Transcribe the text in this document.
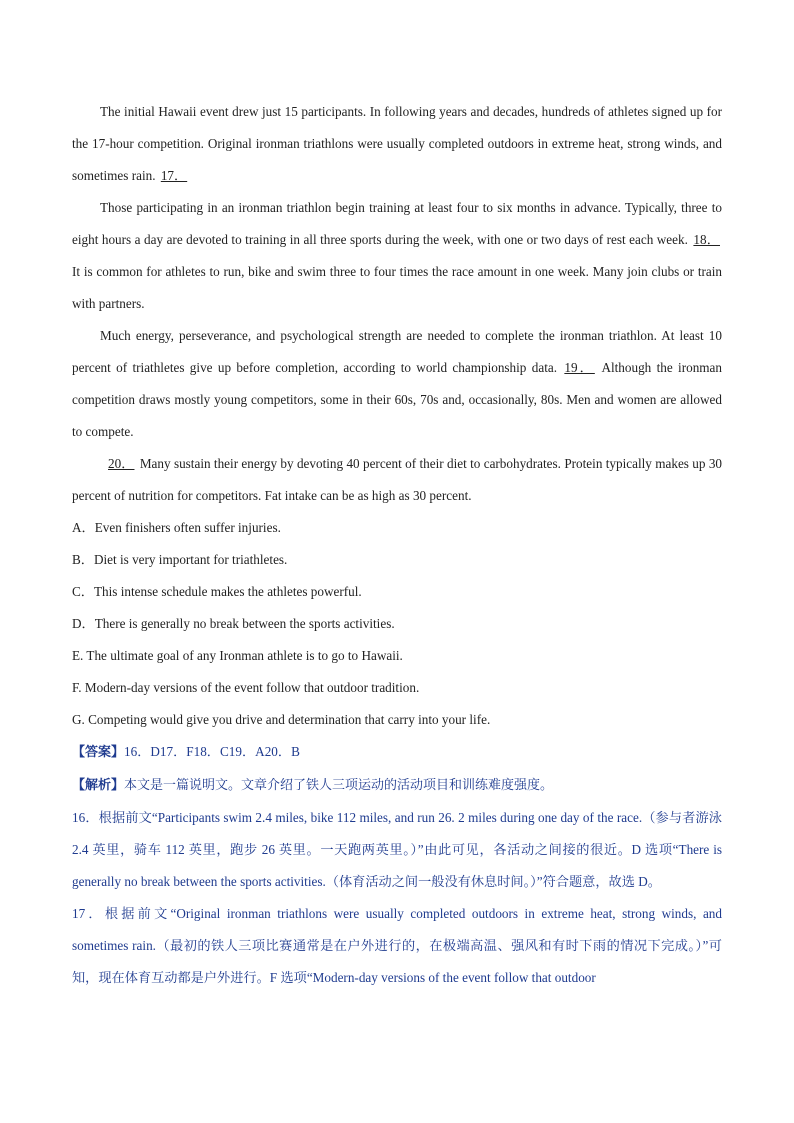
The initial Hawaii event drew just 15 participants. In following years and decades, hundreds of athletes signed up for the 17-hour competition. Original ironman triathlons were usually completed outdoors in extreme heat, strong winds, and sometimes rain. 17．

Those participating in an ironman triathlon begin training at least four to six months in advance. Typically, three to eight hours a day are devoted to training in all three sports during the week, with one or two days of rest each week. 18． It is common for athletes to run, bike and swim three to four times the race amount in one week. Many join clubs or train with partners.

Much energy, perseverance, and psychological strength are needed to complete the ironman triathlon. At least 10 percent of triathletes give up before completion, according to world championship data. 19． Although the ironman competition draws mostly young competitors, some in their 60s, 70s and, occasionally, 80s. Men and women are allowed to compete.

20． Many sustain their energy by devoting 40 percent of their diet to carbohydrates. Protein typically makes up 30 percent of nutrition for competitors. Fat intake can be as high as 30 percent.

A．Even finishers often suffer injuries.

B．Diet is very important for triathletes.

C．This intense schedule makes the athletes powerful.

D．There is generally no break between the sports activities.

E. The ultimate goal of any Ironman athlete is to go to Hawaii.

F. Modern-day versions of the event follow that outdoor tradition.

G. Competing would give you drive and determination that carry into your life.

【答案】16．D17．F18．C19．A20．B

【解析】本文是一篇说明文。文章介绍了铁人三项运动的活动项目和训练难度强度。

16．根据前文“Participants swim 2.4 miles, bike 112 miles, and run 26. 2 miles during one day of the race.（参与者游泳 2.4 英里，骑车 112 英里，跑步 26 英里。一天跑两英里。）”由此可见，各活动之间接的很近。D 选项“There is generally no break between the sports activities.（体育活动之间一般没有休息时间。）”符合题意，故选 D。

17．根据前文“Original ironman triathlons were usually completed outdoors in extreme heat, strong winds, and sometimes rain.（最初的铁人三项比赛通常是在户外进行的，在极端高温、强风和有时下雨的情况下完成。）”可知，现在体育互动都是户外进行。F 选项“Modern-day versions of the event follow that outdoor
